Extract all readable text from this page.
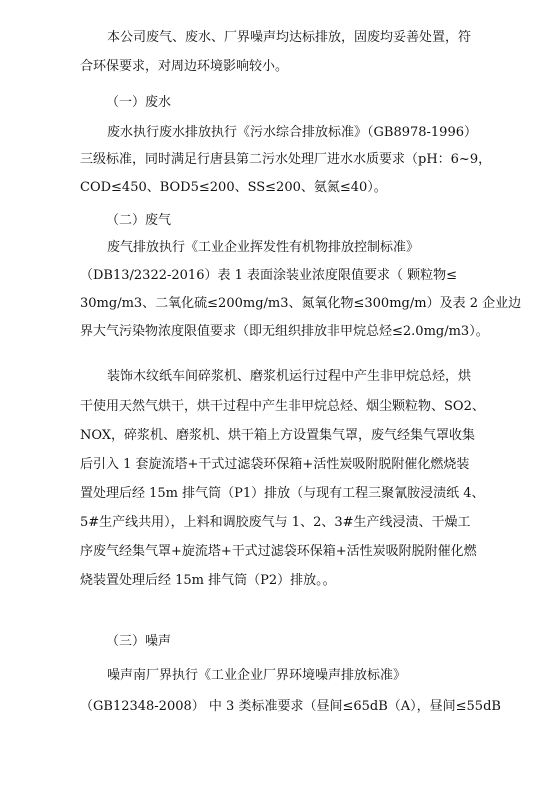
本公司废气、废水、厂界噪声均达标排放，固废均妥善处置，符
合环保要求，对周边环境影响较小。
（一）废水
废水执行废水排放执行《污水综合排放标准》（GB8978-1996）
三级标准，同时满足行唐县第二污水处理厂进水水质要求（pH：6~9，
COD≤450、BOD5≤200、SS≤200、氨氮≤40）。
（二）废气
废气排放执行《工业企业挥发性有机物排放控制标准》
（DB13/2322-2016）表 1 表面涂装业浓度限值要求（ 颗粒物≤
30mg/m3、二氧化硫≤200mg/m3、氮氧化物≤300mg/m）及表 2 企业边
界大气污染物浓度限值要求（即无组织排放非甲烷总烃≤2.0mg/m3）。
装饰木纹纸车间碎浆机、磨浆机运行过程中产生非甲烷总烃，烘
干使用天然气烘干，烘干过程中产生非甲烷总烃、烟尘颗粒物、SO2、
NOX，碎浆机、磨浆机、烘干箱上方设置集气罩，废气经集气罩收集
后引入 1 套旋流塔+干式过滤袋环保箱+活性炭吸附脱附催化燃烧装
置处理后经 15m 排气筒（P1）排放（与现有工程三聚氰胺浸渍纸 4、
5#生产线共用），上料和调胶废气与 1、2、3#生产线浸渍、干燥工
序废气经集气罩+旋流塔+干式过滤袋环保箱+活性炭吸附脱附催化燃
烧装置处理后经 15m 排气筒（P2）排放。。
（三）噪声
噪声南厂界执行《工业企业厂界环境噪声排放标准》
（GB12348-2008） 中 3 类标准要求（昼间≤65dB（A），昼间≤55dB
